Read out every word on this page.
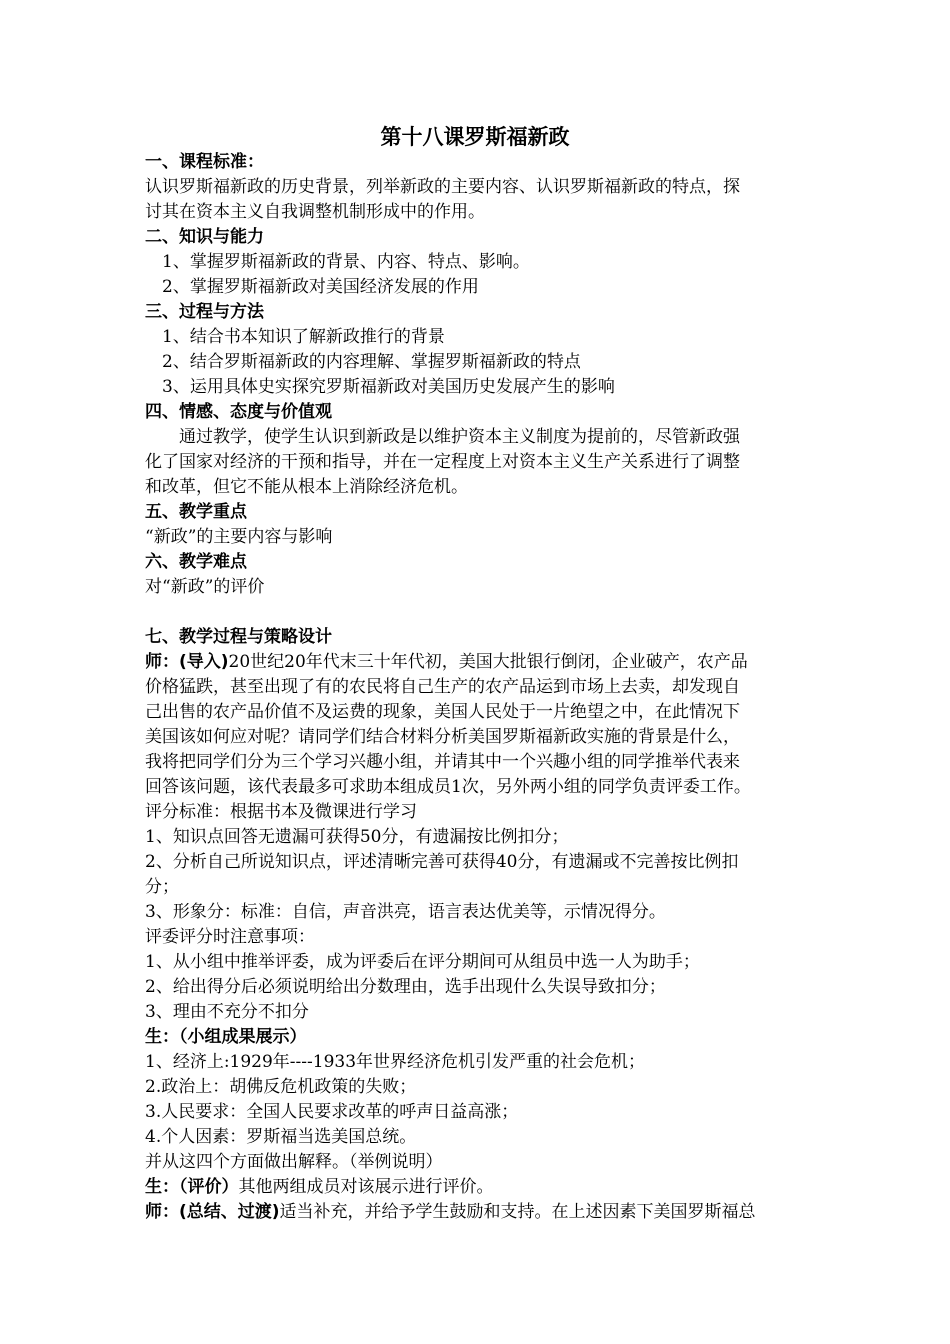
第十八课罗斯福新政
一、课程标准：
认识罗斯福新政的历史背景，列举新政的主要内容、认识罗斯福新政的特点，探
讨其在资本主义自我调整机制形成中的作用。
二、知识与能力
1、掌握罗斯福新政的背景、内容、特点、影响。
2、掌握罗斯福新政对美国经济发展的作用
三、过程与方法
1、结合书本知识了解新政推行的背景
2、结合罗斯福新政的内容理解、掌握罗斯福新政的特点
3、运用具体史实探究罗斯福新政对美国历史发展产生的影响
四、情感、态度与价值观
通过教学，使学生认识到新政是以维护资本主义制度为提前的，尽管新政强
化了国家对经济的干预和指导，并在一定程度上对资本主义生产关系进行了调整
和改革，但它不能从根本上消除经济危机。
五、教学重点
“新政”的主要内容与影响
六、教学难点
对“新政”的评价
七、教学过程与策略设计
师：(导入)20世纪20年代末三十年代初，美国大批银行倒闭，企业破产，农产品
价格猛跌，甚至出现了有的农民将自己生产的农产品运到市场上去卖，却发现自
己出售的农产品价值不及运费的现象，美国人民处于一片绝望之中，在此情况下
美国该如何应对呢？请同学们结合材料分析美国罗斯福新政实施的背景是什么，
我将把同学们分为三个学习兴趣小组，并请其中一个兴趣小组的同学推举代表来
回答该问题，该代表最多可求助本组成员1次，另外两小组的同学负责评委工作。
评分标准：根据书本及微课进行学习
1、知识点回答无遗漏可获得50分，有遗漏按比例扣分；
2、分析自己所说知识点，评述清晰完善可获得40分，有遗漏或不完善按比例扣
分；
3、形象分：标准：自信，声音洪亮，语言表达优美等，示情况得分。
评委评分时注意事项：
1、从小组中推举评委，成为评委后在评分期间可从组员中选一人为助手；
2、给出得分后必须说明给出分数理由，选手出现什么失误导致扣分；
3、理由不充分不扣分
生：（小组成果展示）
1、经济上:1929年----1933年世界经济危机引发严重的社会危机；
2.政治上：胡佛反危机政策的失败；
3.人民要求：全国人民要求改革的呼声日益高涨；
4.个人因素：罗斯福当选美国总统。
并从这四个方面做出解释。（举例说明）
生：（评价）其他两组成员对该展示进行评价。
师：(总结、过渡)适当补充，并给予学生鼓励和支持。在上述因素下美国罗斯福总
